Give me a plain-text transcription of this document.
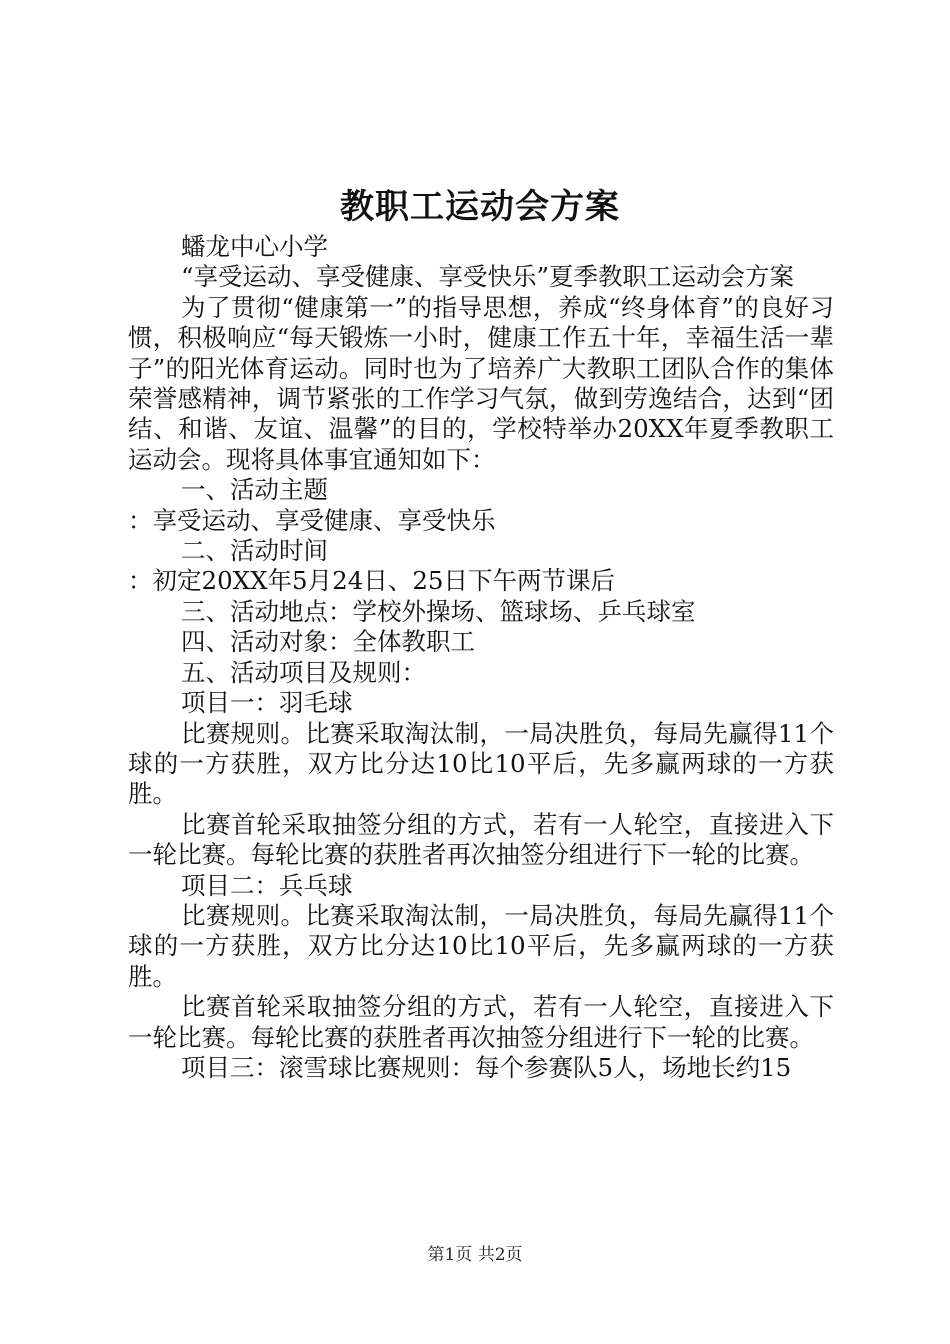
教职工运动会方案

蟠龙中心小学

“享受运动、享受健康、享受快乐”夏季教职工运动会方案

为了贯彻“健康第一”的指导思想，养成“终身体育”的良好习惯，积极响应“每天锻炼一小时，健康工作五十年，幸福生活一辈子”的阳光体育运动。同时也为了培养广大教职工团队合作的集体荣誉感精神，调节紧张的工作学习气氛，做到劳逸结合，达到“团结、和谐、友谊、温馨”的目的，学校特举办20XX年夏季教职工运动会。现将具体事宜通知如下：

一、活动主题

：享受运动、享受健康、享受快乐

二、活动时间

：初定20XX年5月24日、25日下午两节课后

三、活动地点：学校外操场、篮球场、乒乓球室

四、活动对象：全体教职工

五、活动项目及规则：

项目一：羽毛球

比赛规则。比赛采取淘汰制，一局决胜负，每局先赢得11个球的一方获胜，双方比分达10比10平后，先多赢两球的一方获胜。

比赛首轮采取抽签分组的方式，若有一人轮空，直接进入下一轮比赛。每轮比赛的获胜者再次抽签分组进行下一轮的比赛。

项目二：兵乓球

比赛规则。比赛采取淘汰制，一局决胜负，每局先赢得11个球的一方获胜，双方比分达10比10平后，先多赢两球的一方获胜。

比赛首轮采取抽签分组的方式，若有一人轮空，直接进入下一轮比赛。每轮比赛的获胜者再次抽签分组进行下一轮的比赛。

项目三：滚雪球比赛规则：每个参赛队5人，场地长约15

第1页 共2页
